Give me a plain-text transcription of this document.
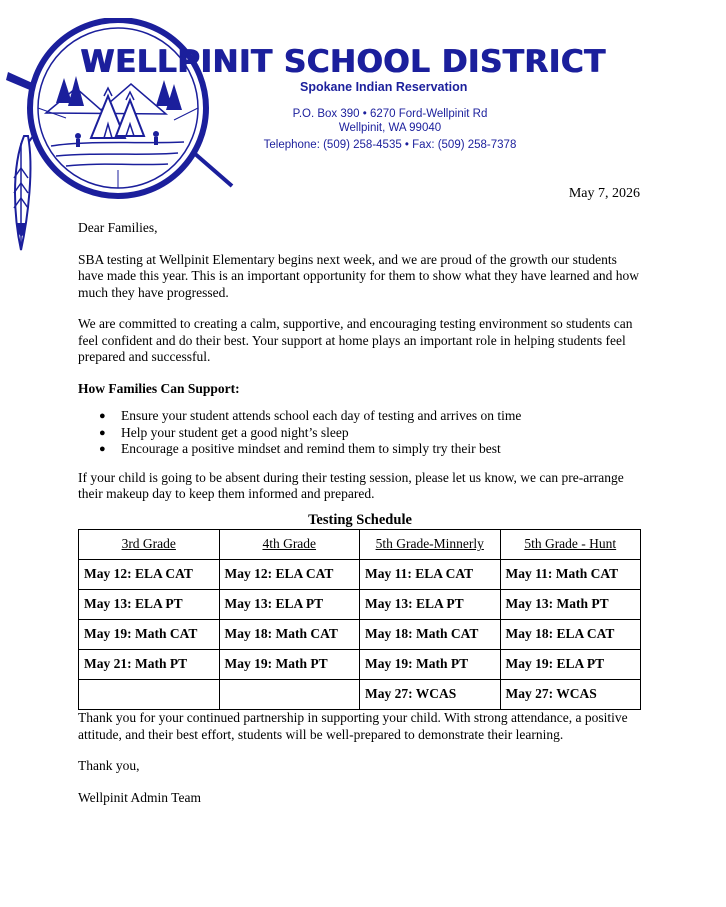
WELLPINIT SCHOOL DISTRICT
Spokane Indian Reservation
P.O. Box 390 • 6270 Ford-Wellpinit Rd
Wellpinit, WA 99040
Telephone: (509) 258-4535 • Fax: (509) 258-7378
May 7, 2026

Dear Families,

SBA testing at Wellpinit Elementary begins next week, and we are proud of the growth our students have made this year. This is an important opportunity for them to show what they have learned and how much they have progressed.

We are committed to creating a calm, supportive, and encouraging testing environment so students can feel confident and do their best. Your support at home plays an important role in helping students feel prepared and successful.

How Families Can Support:

● Ensure your student attends school each day of testing and arrives on time
● Help your student get a good night’s sleep
● Encourage a positive mindset and remind them to simply try their best

If your child is going to be absent during their testing session, please let us know, we can pre-arrange their makeup day to keep them informed and prepared.

Testing Schedule
3rd Grade	4th Grade	5th Grade-Minnerly	5th Grade - Hunt
May 12: ELA CAT	May 12: ELA CAT	May 11: ELA CAT	May 11: Math CAT
May 13: ELA PT	May 13: ELA PT	May 13: ELA PT	May 13: Math PT
May 19: Math CAT	May 18: Math CAT	May 18: Math CAT	May 18: ELA CAT
May 21: Math PT	May 19: Math PT	May 19: Math PT	May 19: ELA PT
		May 27: WCAS	May 27: WCAS

Thank you for your continued partnership in supporting your child. With strong attendance, a positive attitude, and their best effort, students will be well-prepared to demonstrate their learning.

Thank you,

Wellpinit Admin Team
